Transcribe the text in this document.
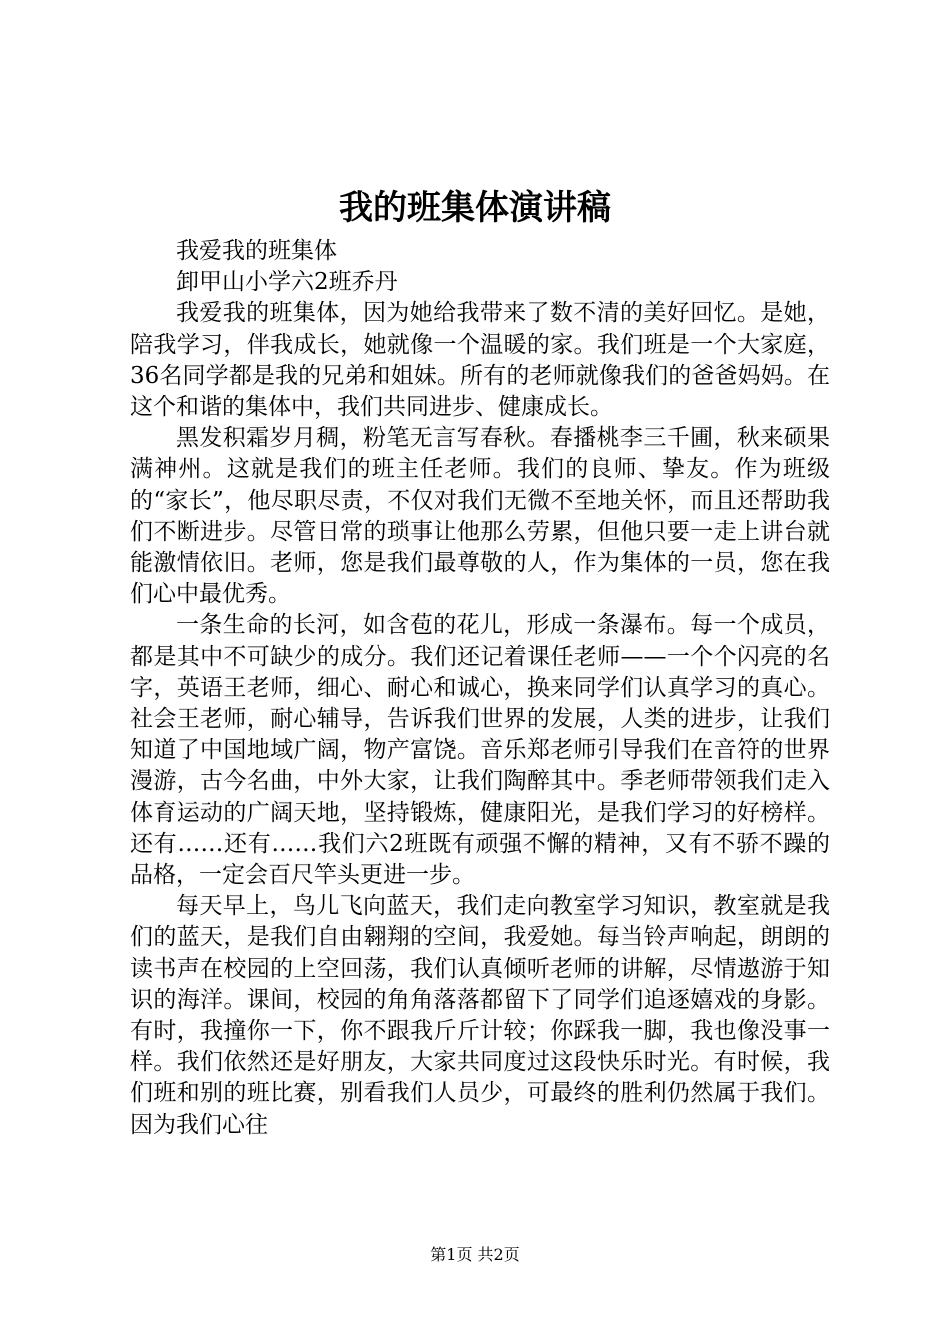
我的班集体演讲稿

我爱我的班集体

卸甲山小学六2班乔丹

我爱我的班集体，因为她给我带来了数不清的美好回忆。是她，陪我学习，伴我成长，她就像一个温暖的家。我们班是一个大家庭，36名同学都是我的兄弟和姐妹。所有的老师就像我们的爸爸妈妈。在这个和谐的集体中，我们共同进步、健康成长。

黑发积霜岁月稠，粉笔无言写春秋。春播桃李三千圃，秋来硕果满神州。这就是我们的班主任老师。我们的良师、挚友。作为班级的“家长”，他尽职尽责，不仅对我们无微不至地关怀，而且还帮助我们不断进步。尽管日常的琐事让他那么劳累，但他只要一走上讲台就能激情依旧。老师，您是我们最尊敬的人，作为集体的一员，您在我们心中最优秀。

一条生命的长河，如含苞的花儿，形成一条瀑布。每一个成员，都是其中不可缺少的成分。我们还记着课任老师——一个个闪亮的名字，英语王老师，细心、耐心和诚心，换来同学们认真学习的真心。社会王老师，耐心辅导，告诉我们世界的发展，人类的进步，让我们知道了中国地域广阔，物产富饶。音乐郑老师引导我们在音符的世界漫游，古今名曲，中外大家，让我们陶醉其中。季老师带领我们走入体育运动的广阔天地，坚持锻炼，健康阳光，是我们学习的好榜样。还有……还有……我们六2班既有顽强不懈的精神，又有不骄不躁的品格，一定会百尺竿头更进一步。

每天早上，鸟儿飞向蓝天，我们走向教室学习知识，教室就是我们的蓝天，是我们自由翱翔的空间，我爱她。每当铃声响起，朗朗的读书声在校园的上空回荡，我们认真倾听老师的讲解，尽情遨游于知识的海洋。课间，校园的角角落落都留下了同学们追逐嬉戏的身影。有时，我撞你一下，你不跟我斤斤计较；你踩我一脚，我也像没事一样。我们依然还是好朋友，大家共同度过这段快乐时光。有时候，我们班和别的班比赛，别看我们人员少，可最终的胜利仍然属于我们。因为我们心往

第1页 共2页
